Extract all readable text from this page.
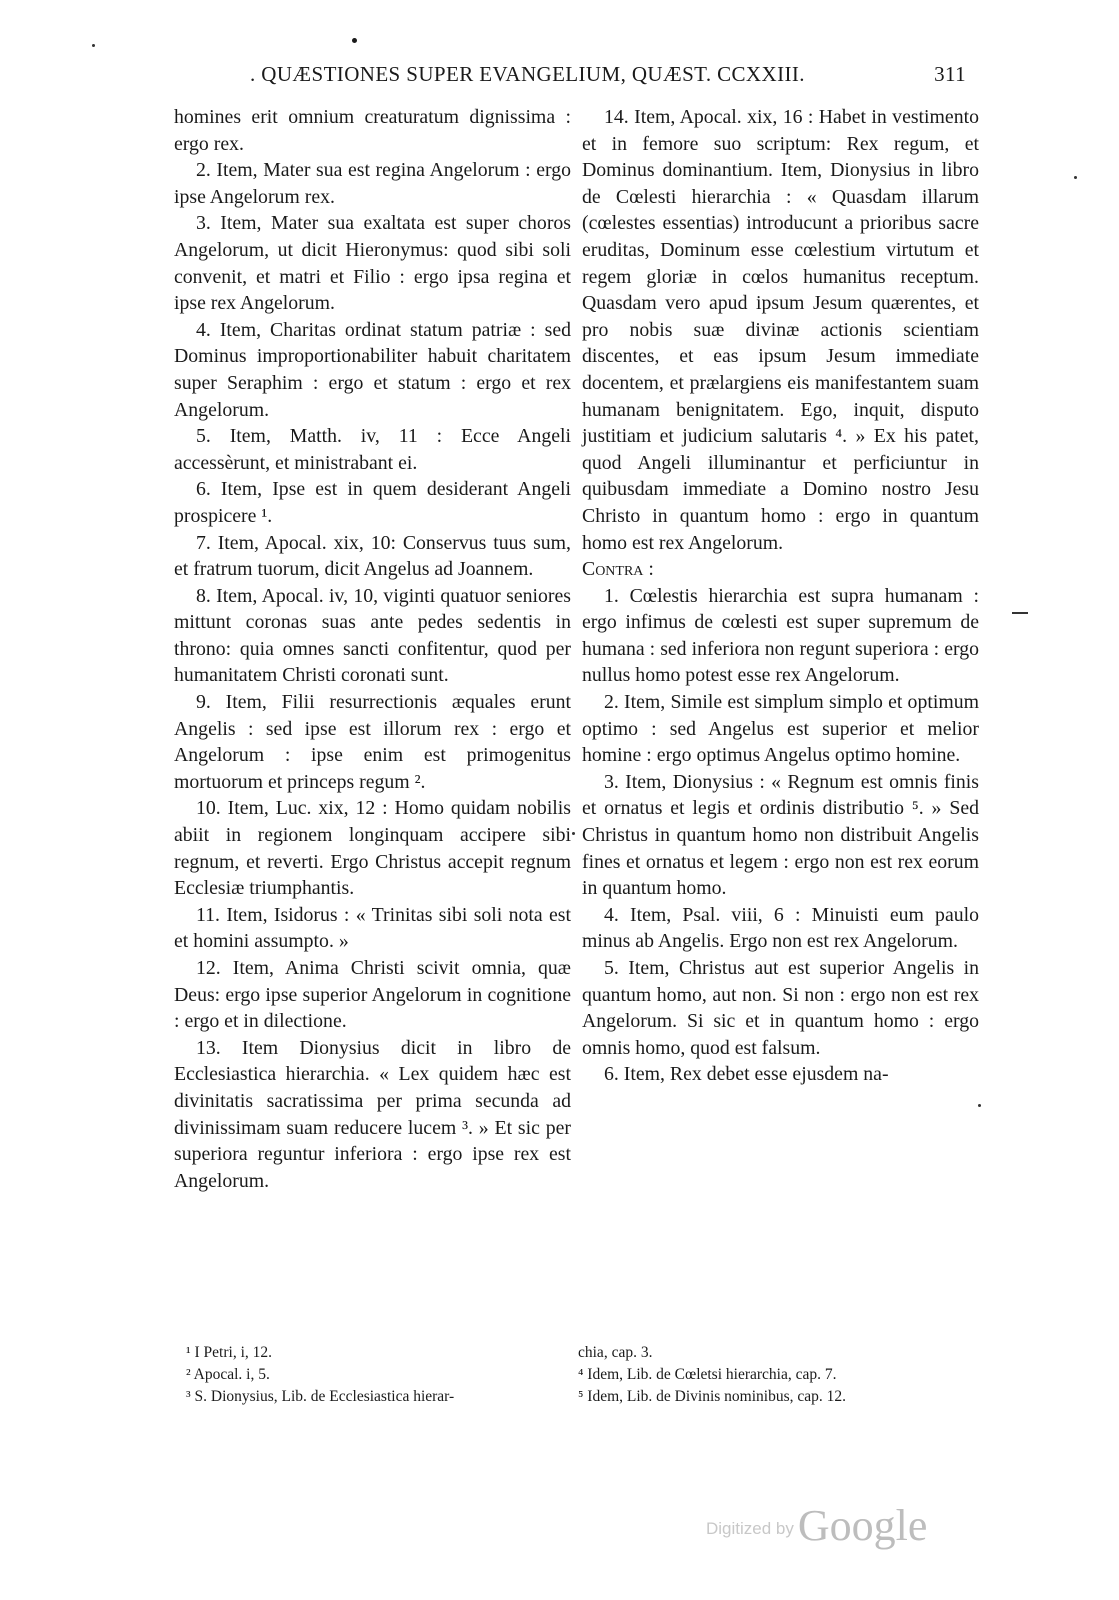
. QUÆSTIONES SUPER EVANGELIUM, QUÆST. CCXXIII.	311

homines erit omnium creaturatum dignissima : ergo rex.

2. Item, Mater sua est regina Angelorum : ergo ipse Angelorum rex.

3. Item, Mater sua exaltata est super choros Angelorum, ut dicit Hieronymus: quod sibi soli convenit, et matri et Filio : ergo ipsa regina et ipse rex Angelorum.

4. Item, Charitas ordinat statum patriæ : sed Dominus improportionabiliter habuit charitatem super Seraphim : ergo et statum : ergo et rex Angelorum.

5. Item, Matth. iv, 11 : Ecce Angeli accessèrunt, et ministrabant ei.

6. Item, Ipse est in quem desiderant Angeli prospicere ¹.

7. Item, Apocal. xix, 10: Conservus tuus sum, et fratrum tuorum, dicit Angelus ad Joannem.

8. Item, Apocal. iv, 10, viginti quatuor seniores mittunt coronas suas ante pedes sedentis in throno: quia omnes sancti confitentur, quod per humanitatem Christi coronati sunt.

9. Item, Filii resurrectionis æquales erunt Angelis : sed ipse est illorum rex : ergo et Angelorum : ipse enim est primogenitus mortuorum et princeps regum ².

10. Item, Luc. xix, 12 : Homo quidam nobilis abiit in regionem longinquam accipere sibi regnum, et reverti. Ergo Christus accepit regnum Ecclesiæ triumphantis.

11. Item, Isidorus : « Trinitas sibi soli nota est et homini assumpto. »

12. Item, Anima Christi scivit omnia, quæ Deus: ergo ipse superior Angelorum in cognitione : ergo et in dilectione.

13. Item Dionysius dicit in libro de Ecclesiastica hierarchia. « Lex quidem hæc est divinitatis sacratissima per prima secunda ad divinissimam suam reducere lucem ³. » Et sic per superiora reguntur inferiora : ergo ipse rex est Angelorum.

14. Item, Apocal. xix, 16 : Habet in vestimento et in femore suo scriptum: Rex regum, et Dominus dominantium. Item, Dionysius in libro de Cœlesti hierarchia : « Quasdam illarum (cœlestes essentias) introducunt a prioribus sacre eruditas, Dominum esse cœlestium virtutum et regem gloriæ in cœlos humanitus receptum. Quasdam vero apud ipsum Jesum quærentes, et pro nobis suæ divinæ actionis scientiam discentes, et eas ipsum Jesum immediate docentem, et prælargiens eis manifestantem suam humanam benignitatem. Ego, inquit, disputo justitiam et judicium salutaris ⁴. » Ex his patet, quod Angeli illuminantur et perficiuntur in quibusdam immediate a Domino nostro Jesu Christo in quantum homo : ergo in quantum homo est rex Angelorum.

Contra :

1. Cœlestis hierarchia est supra humanam : ergo infimus de cœlesti est super supremum de humana : sed inferiora non regunt superiora : ergo nullus homo potest esse rex Angelorum.

2. Item, Simile est simplum simplo et optimum optimo : sed Angelus est superior et melior homine : ergo optimus Angelus optimo homine.

3. Item, Dionysius : « Regnum est omnis finis et ornatus et legis et ordinis distributio ⁵. » Sed Christus in quantum homo non distribuit Angelis fines et ornatus et legem : ergo non est rex eorum in quantum homo.

4. Item, Psal. viii, 6 : Minuisti eum paulo minus ab Angelis. Ergo non est rex Angelorum.

5. Item, Christus aut est superior Angelis in quantum homo, aut non. Si non : ergo non est rex Angelorum. Si sic et in quantum homo : ergo omnis homo, quod est falsum.

6. Item, Rex debet esse ejusdem na-

¹ I Petri, i, 12.
² Apocal. i, 5.
³ S. Dionysius, Lib. de Ecclesiastica hierar-
chia, cap. 3.
⁴ Idem, Lib. de Cœletsi hierarchia, cap. 7.
⁵ Idem, Lib. de Divinis nominibus, cap. 12.
Digitized by Google
